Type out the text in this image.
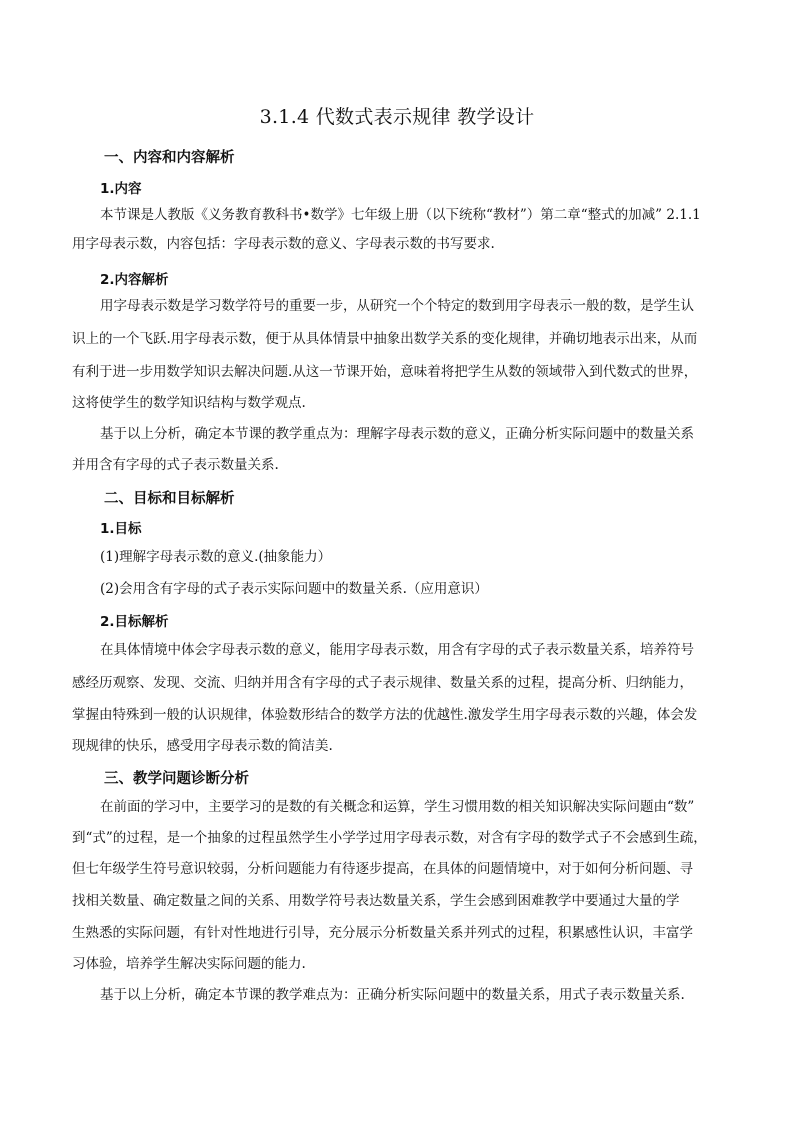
3.1.4 代数式表示规律 教学设计
一、内容和内容解析
1.内容
本节课是人教版《义务教育教科书•数学》七年级上册（以下统称“教材”）第二章“整式的加减” 2.1.1
用字母表示数，内容包括：字母表示数的意义、字母表示数的书写要求.
2.内容解析
用字母表示数是学习数学符号的重要一步，从研究一个个特定的数到用字母表示一般的数，是学生认
识上的一个飞跃.用字母表示数，便于从具体情景中抽象出数学关系的变化规律，并确切地表示出来，从而
有利于进一步用数学知识去解决问题.从这一节课开始，意味着将把学生从数的领域带入到代数式的世界，
这将使学生的数学知识结构与数学观点.
基于以上分析，确定本节课的教学重点为：理解字母表示数的意义，正确分析实际问题中的数量关系
并用含有字母的式子表示数量关系.
二、目标和目标解析
1.目标
(1)理解字母表示数的意义.(抽象能力）
(2)会用含有字母的式子表示实际问题中的数量关系.（应用意识）
2.目标解析
在具体情境中体会字母表示数的意义，能用字母表示数，用含有字母的式子表示数量关系，培养符号
感经历观察、发现、交流、归纳并用含有字母的式子表示规律、数量关系的过程，提高分析、归纳能力，
掌握由特殊到一般的认识规律，体验数形结合的数学方法的优越性.激发学生用字母表示数的兴趣，体会发
现规律的快乐，感受用字母表示数的简洁美.
三、教学问题诊断分析
在前面的学习中，主要学习的是数的有关概念和运算，学生习惯用数的相关知识解决实际问题由“数”
到“式”的过程，是一个抽象的过程虽然学生小学学过用字母表示数，对含有字母的数学式子不会感到生疏，
但七年级学生符号意识较弱，分析问题能力有待逐步提高，在具体的问题情境中，对于如何分析问题、寻
找相关数量、确定数量之间的关系、用数学符号表达数量关系，学生会感到困难教学中要通过大量的学
生熟悉的实际问题，有针对性地进行引导，充分展示分析数量关系并列式的过程，积累感性认识，丰富学
习体验，培养学生解决实际问题的能力.
基于以上分析，确定本节课的教学难点为：正确分析实际问题中的数量关系，用式子表示数量关系.
